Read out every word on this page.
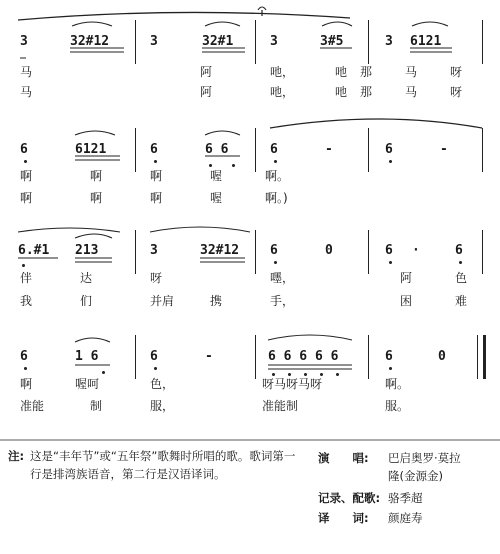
3	32#12	3	32#1	3	3#5	3 6121
马	阿	吔，	吔 那	马	呀
马	阿	吔，	吔 那	马	呀
6	6121	6	6 6	6	-	6	-
啊	啊	啊	喔	啊。
啊	啊	啊	喔	啊。)
6.#1 213	3	32#12 6	0	6 ·	6
伴	达	呀	嚜，	阿	色
我	们	并肩	携	手，	困	难
6	1 6	6	-	6 6 6 6 6	6	0
啊	喔呵	色，	呀马呀马呀	啊。
准能	制	服，	准能制	服。
注: 这是“丰年节”或“五年祭”歌舞时所唱的歌。歌词第一行是排湾族语音，第二行是汉语译词。
演　　唱: 巴启奥罗·莫拉
隆(金源金)
记录、配歌: 骆季超
译　　词: 颜庭寿
